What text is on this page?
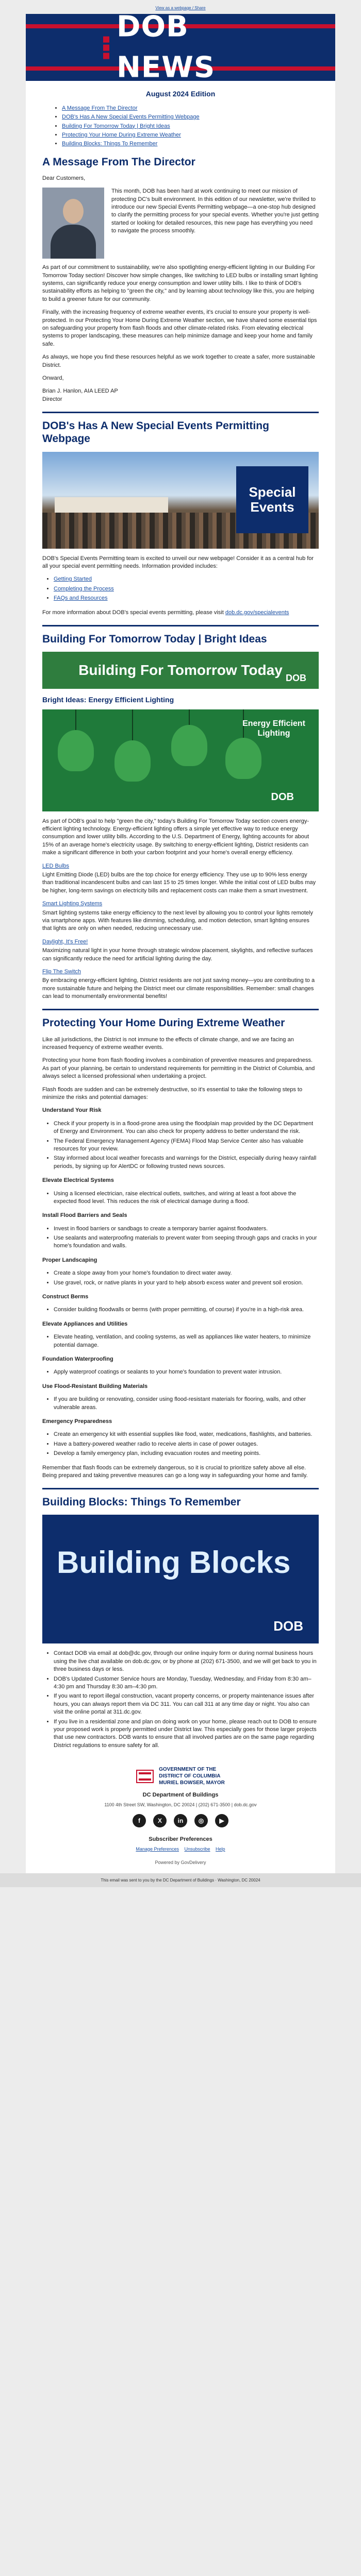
View as a webpage / Share
DOB NEWS
August 2024 Edition
• A Message From The Director
• DOB's Has A New Special Events Permitting Webpage
• Building For Tomorrow Today | Bright Ideas
• Protecting Your Home During Extreme Weather
• Building Blocks: Things To Remember
A Message From The Director

Dear Customers,

This month, DOB has been hard at work continuing to meet our mission of protecting DC's built environment. In this edition of our newsletter, we're thrilled to introduce our new Special Events Permitting webpage—a one-stop hub designed to clarify the permitting process for your special events. Whether you're just getting started or looking for detailed resources, this new page has everything you need to navigate the process smoothly.

As part of our commitment to sustainability, we're also spotlighting energy-efficient lighting in our Building For Tomorrow Today section! Discover how simple changes, like switching to LED bulbs or installing smart lighting systems, can significantly reduce your energy consumption and lower utility bills. I like to think of DOB's sustainability efforts as helping to "green the city," and by learning about technology like this, you are helping to build a greener future for our community.

Finally, with the increasing frequency of extreme weather events, it's crucial to ensure your property is well-protected. In our Protecting Your Home During Extreme Weather section, we have shared some essential tips on safeguarding your property from flash floods and other climate-related risks. From elevating electrical systems to proper landscaping, these measures can help minimize damage and keep your home and family safe.

As always, we hope you find these resources helpful as we work together to create a safer, more sustainable District.

Onward,

Brian J. Hanlon, AIA LEED AP
Director
DOB's Has A New Special Events Permitting Webpage
Special Events

DOB's Special Events Permitting team is excited to unveil our new webpage! Consider it as a central hub for all your special event permitting needs. Information provided includes:

• Getting Started
• Completing the Process
• FAQs and Resources

For more information about DOB's special events permitting, please visit dob.dc.gov/specialevents

Building For Tomorrow Today | Bright Ideas
Building For Tomorrow Today DOB
Bright Ideas: Energy Efficient Lighting
Energy Efficient Lighting
DOB

As part of DOB's goal to help "green the city," today's Building For Tomorrow Today section covers energy-efficient lighting technology. Energy-efficient lighting offers a simple yet effective way to reduce energy consumption and lower utility bills. According to the U.S. Department of Energy, lighting accounts for about 15% of an average home's electricity usage. By switching to energy-efficient lighting, District residents can make a significant difference in both your carbon footprint and your home's overall energy efficiency.

LED Bulbs

Light Emitting Diode (LED) bulbs are the top choice for energy efficiency. They use up to 90% less energy than traditional incandescent bulbs and can last 15 to 25 times longer. While the initial cost of LED bulbs may be higher, long-term savings on electricity bills and replacement costs can make them a smart investment.

Smart Lighting Systems

Smart lighting systems take energy efficiency to the next level by allowing you to control your lights remotely via smartphone apps. With features like dimming, scheduling, and motion detection, smart lighting ensures that lights are only on when needed, reducing unnecessary use.

Daylight, It's Free!

Maximizing natural light in your home through strategic window placement, skylights, and reflective surfaces can significantly reduce the need for artificial lighting during the day.

Flip The Switch

By embracing energy-efficient lighting, District residents are not just saving money—you are contributing to a more sustainable future and helping the District meet our climate responsibilities. Remember: small changes can lead to monumentally environmental benefits!

Protecting Your Home During Extreme Weather

Like all jurisdictions, the District is not immune to the effects of climate change, and we are facing an increased frequency of extreme weather events.

Protecting your home from flash flooding involves a combination of preventive measures and preparedness. As part of your planning, be certain to understand requirements for permitting in the District of Columbia, and always select a licensed professional when undertaking a project.

Flash floods are sudden and can be extremely destructive, so it's essential to take the following steps to minimize the risks and potential damages:

Understand Your Risk

• Check if your property is in a flood-prone area using the floodplain map provided by the DC Department of Energy and Environment. You can also check for property address to better understand the risk.
• The Federal Emergency Management Agency (FEMA) Flood Map Service Center also has valuable resources for your review.
• Stay informed about local weather forecasts and warnings for the District, especially during heavy rainfall periods, by signing up for AlertDC or following trusted news sources.

Elevate Electrical Systems

• Using a licensed electrician, raise electrical outlets, switches, and wiring at least a foot above the expected flood level. This reduces the risk of electrical damage during a flood.

Install Flood Barriers and Seals

• Invest in flood barriers or sandbags to create a temporary barrier against floodwaters.
• Use sealants and waterproofing materials to prevent water from seeping through gaps and cracks in your home's foundation and walls.

Proper Landscaping

• Create a slope away from your home's foundation to direct water away.
• Use gravel, rock, or native plants in your yard to help absorb excess water and prevent soil erosion.

Construct Berms

• Consider building floodwalls or berms (with proper permitting, of course) if you're in a high-risk area.

Elevate Appliances and Utilities

• Elevate heating, ventilation, and cooling systems, as well as appliances like water heaters, to minimize potential damage.

Foundation Waterproofing

• Apply waterproof coatings or sealants to your home's foundation to prevent water intrusion.

Use Flood-Resistant Building Materials

• If you are building or renovating, consider using flood-resistant materials for flooring, walls, and other vulnerable areas.

Emergency Preparedness

• Create an emergency kit with essential supplies like food, water, medications, flashlights, and batteries.
• Have a battery-powered weather radio to receive alerts in case of power outages.
• Develop a family emergency plan, including evacuation routes and meeting points.

Remember that flash floods can be extremely dangerous, so it is crucial to prioritize safety above all else. Being prepared and taking preventive measures can go a long way in safeguarding your home and family.

Building Blocks: Things To Remember
Building Blocks
DOB
• Contact DOB via email at dob@dc.gov, through our online inquiry form or during normal business hours using the live chat available on dob.dc.gov, or by phone at (202) 671-3500, and we will get back to you in three business days or less.
• DOB's Updated Customer Service hours are Monday, Tuesday, Wednesday, and Friday from 8:30 am–4:30 pm and Thursday 8:30 am–4:30 pm.
• If you want to report illegal construction, vacant property concerns, or property maintenance issues after hours, you can always report them via DC 311. You can call 311 at any time day or night. You also can visit the online portal at 311.dc.gov.
• If you live in a residential zone and plan on doing work on your home, please reach out to DOB to ensure your proposed work is properly permitted under District law. This especially goes for those larger projects that use new contractors. DOB wants to ensure that all involved parties are on the same page regarding District regulations to ensure safety for all.
GOVERNMENT OF THE
DISTRICT OF COLUMBIA
MURIEL BOWSER, MAYOR
DC Department of Buildings
1100 4th Street SW, Washington, DC 20024 | (202) 671-3500 | dob.dc.gov
f	X	in	◎	▶
Subscriber Preferences
Manage Preferences Unsubscribe Help
Powered by GovDelivery
This email was sent to you by the DC Department of Buildings · Washington, DC 20024
